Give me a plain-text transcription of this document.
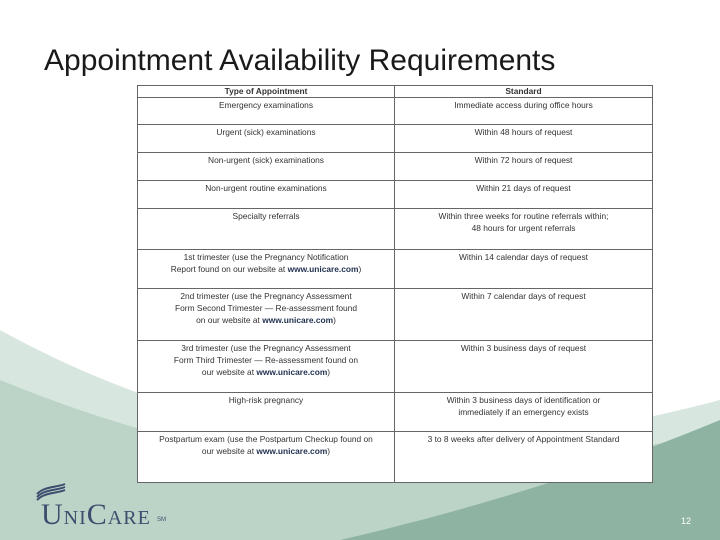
Appointment Availability Requirements
Type of Appointment	Standard
Emergency examinations	Immediate access during office hours
Urgent (sick) examinations	Within 48 hours of request
Non-urgent (sick) examinations	Within 72 hours of request
Non-urgent routine examinations	Within 21 days of request
Specialty referrals	Within three weeks for routine referrals within;
48 hours for urgent referrals
1st trimester (use the Pregnancy Notification
Report found on our website at www.unicare.com)	Within 14 calendar days of request
2nd trimester (use the Pregnancy Assessment
Form Second Trimester — Re-assessment found
on our website at www.unicare.com)	Within 7 calendar days of request
3rd trimester (use the Pregnancy Assessment
Form Third Trimester — Re-assessment found on
our website at www.unicare.com)	Within 3 business days of request
High-risk pregnancy	Within 3 business days of identification or
immediately if an emergency exists
Postpartum exam (use the Postpartum Checkup found on
our website at www.unicare.com)	3 to 8 weeks after delivery of Appointment Standard
UNICARE SM	12
